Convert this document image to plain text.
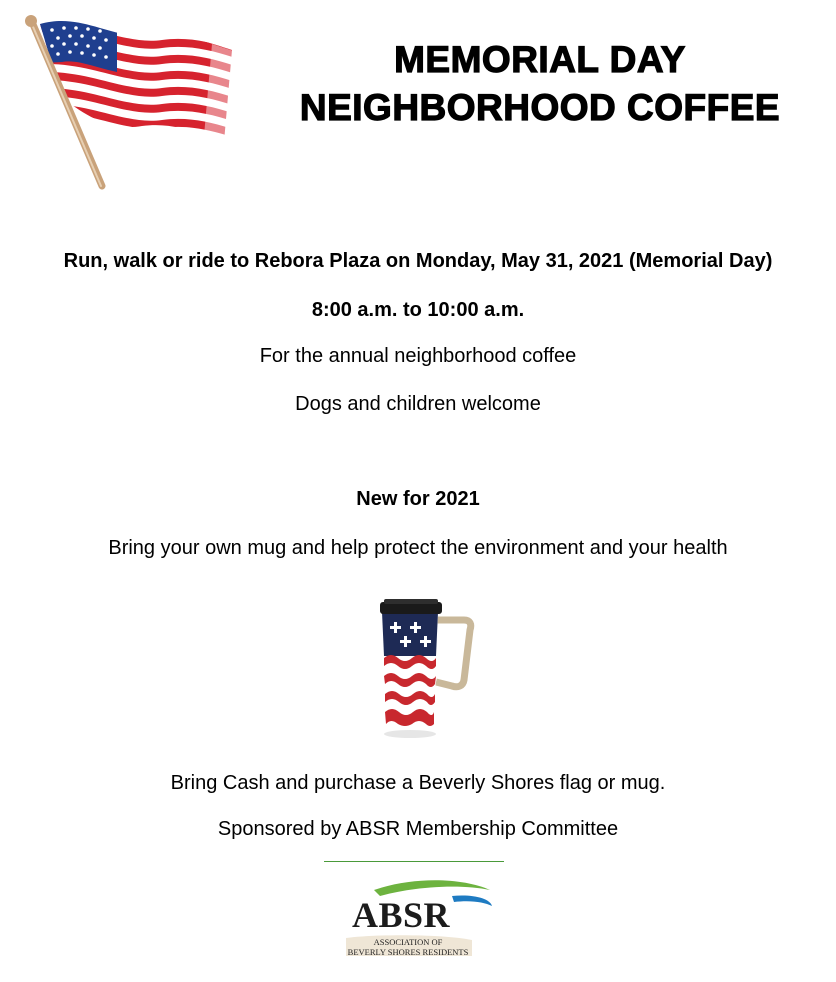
MEMORIAL DAY
NEIGHBORHOOD COFFEE
Run, walk or ride to Rebora Plaza on Monday, May 31, 2021 (Memorial Day)
8:00 a.m. to 10:00 a.m.
For the annual neighborhood coffee
Dogs and children welcome
New for 2021
Bring your own mug and help protect the environment and your health
Bring Cash and purchase a Beverly Shores flag or mug.
Sponsored by ABSR Membership Committee
ABSR
ASSOCIATION OF
BEVERLY SHORES RESIDENTS
